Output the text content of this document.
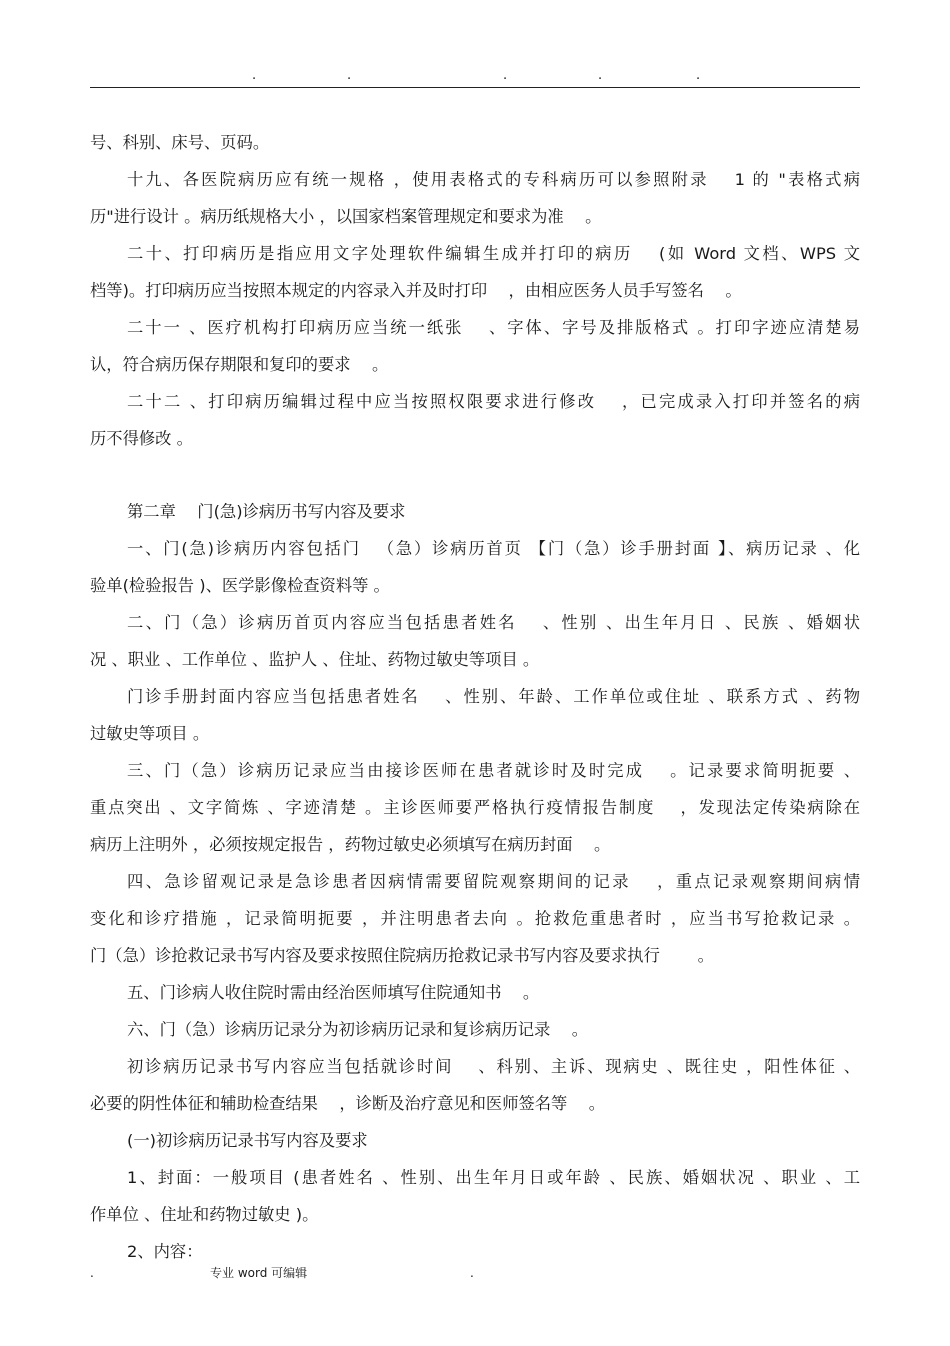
.	.	.	.	.
号、科别、床号、页码。
十九、各医院病历应有统一规格 ，使用表格式的专科病历可以参照附录　 1 的 "表格式病
历"进行设计 。病历纸规格大小 ，以国家档案管理规定和要求为准 　。
二十、打印病历是指应用文字处理软件编辑生成并打印的病历 　(如 Word 文档、WPS 文
档等)。打印病历应当按照本规定的内容录入并及时打印 　，由相应医务人员手写签名 　。
二十一 、医疗机构打印病历应当统一纸张 　、字体、字号及排版格式 。打印字迹应清楚易
认，符合病历保存期限和复印的要求 　。
二十二 、打印病历编辑过程中应当按照权限要求进行修改 　，已完成录入打印并签名的病
历不得修改 。
第二章 　门(急)诊病历书写内容及要求
一、门(急)诊病历内容包括门 　（急）诊病历首页 【门（急）诊手册封面 】、病历记录 、化
验单(检验报告 )、医学影像检查资料等 。
二、门（急）诊病历首页内容应当包括患者姓名 　、性别 、出生年月日 、民族 、婚姻状
况 、职业 、工作单位 、监护人 、住址、药物过敏史等项目 。
门诊手册封面内容应当包括患者姓名 　、性别、年龄、工作单位或住址 、联系方式 、药物
过敏史等项目 。
三、门（急）诊病历记录应当由接诊医师在患者就诊时及时完成 　。记录要求简明扼要 、
重点突出 、文字简炼 、字迹清楚 。主诊医师要严格执行疫情报告制度 　，发现法定传染病除在
病历上注明外 ，必须按规定报告 ，药物过敏史必须填写在病历封面 　。
四、急诊留观记录是急诊患者因病情需要留院观察期间的记录 　，重点记录观察期间病情
变化和诊疗措施 ，记录简明扼要 ，并注明患者去向 。抢救危重患者时 ，应当书写抢救记录 。
门（急）诊抢救记录书写内容及要求按照住院病历抢救记录书写内容及要求执行 　　。
五、门诊病人收住院时需由经治医师填写住院通知书 　。
六、门（急）诊病历记录分为初诊病历记录和复诊病历记录 　。
初诊病历记录书写内容应当包括就诊时间 　、科别、主诉、现病史 、既往史 ，阳性体征 、
必要的阴性体征和辅助检查结果 　，诊断及治疗意见和医师签名等 　。
(一)初诊病历记录书写内容及要求
1、封面：一般项目 (患者姓名 、性别、出生年月日或年龄 、民族、婚姻状况 、职业 、工
作单位 、住址和药物过敏史 )。
2、内容：
.	专业 word 可编辑	.
